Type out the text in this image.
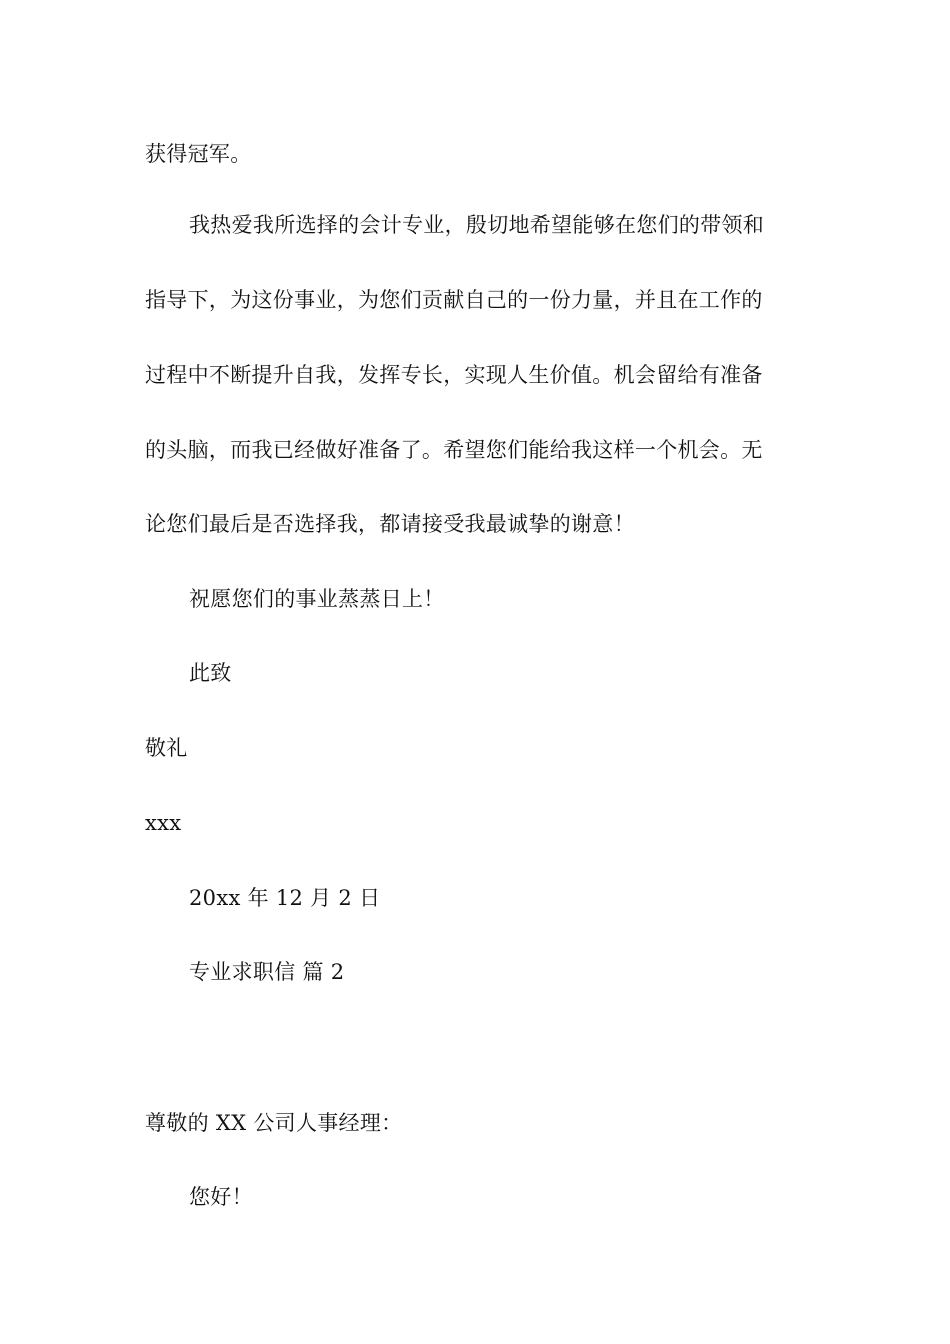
获得冠军。
我热爱我所选择的会计专业，殷切地希望能够在您们的带领和
指导下，为这份事业，为您们贡献自己的一份力量，并且在工作的
过程中不断提升自我，发挥专长，实现人生价值。机会留给有准备
的头脑，而我已经做好准备了。希望您们能给我这样一个机会。无
论您们最后是否选择我，都请接受我最诚挚的谢意！
祝愿您们的事业蒸蒸日上！
此致
敬礼
xxx
20xx 年 12 月 2 日
专业求职信 篇 2
尊敬的 XX 公司人事经理：
您好！
